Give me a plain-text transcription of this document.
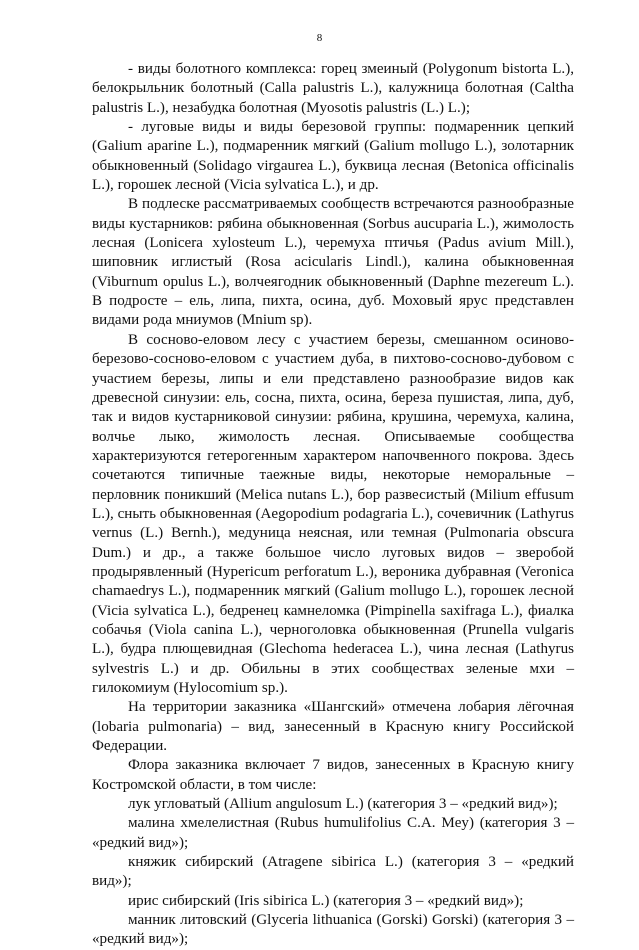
8

- виды болотного комплекса: горец змеиный (Polygonum bistorta L.), белокрыльник болотный (Calla palustris L.), калужница болотная (Caltha palustris L.), незабудка болотная (Myosotis palustris (L.) L.);

- луговые виды и виды березовой группы: подмаренник цепкий (Galium aparine L.), подмаренник мягкий (Galium mollugo L.), золотарник обыкновенный (Solidago virgaurea L.), буквица лесная (Betonica officinalis L.), горошек лесной (Vicia sylvatica L.), и др.

В подлеске рассматриваемых сообществ встречаются разнообразные виды кустарников: рябина обыкновенная (Sorbus aucuparia L.), жимолость лесная (Lonicera xylosteum L.), черемуха птичья (Padus avium Mill.), шиповник иглистый (Rosa acicularis Lindl.), калина обыкновенная (Viburnum opulus L.), волчеягодник обыкновенный (Daphne mezereum L.). В подросте – ель, липа, пихта, осина, дуб. Моховый ярус представлен видами рода мниумов (Mnium sp).

В сосново-еловом лесу с участием березы, смешанном осиново-березово-сосново-еловом с участием дуба, в пихтово-сосново-дубовом с участием березы, липы и ели представлено разнообразие видов как древесной синузии: ель, сосна, пихта, осина, береза пушистая, липа, дуб, так и видов кустарниковой синузии: рябина, крушина, черемуха, калина, волчье лыко, жимолость лесная. Описываемые сообщества характеризуются гетерогенным характером напочвенного покрова. Здесь сочетаются типичные таежные виды, некоторые неморальные – перловник поникший (Melica nutans L.), бор развесистый (Milium effusum L.), сныть обыкновенная (Aegopodium podagraria L.), сочевичник (Lathyrus vernus (L.) Bernh.), медуница неясная, или темная (Pulmonaria obscura Dum.) и др., а также большое число луговых видов – зверобой продырявленный (Hypericum perforatum L.), вероника дубравная (Veronica chamaedrys L.), подмаренник мягкий (Galium mollugo L.), горошек лесной (Vicia sylvatica L.), бедренец камнеломка (Pimpinella saxifraga L.), фиалка собачья (Viola canina L.), черноголовка обыкновенная (Prunella vulgaris L.), будра плющевидная (Glechoma hederacea L.), чина лесная (Lathyrus sylvestris L.) и др. Обильны в этих сообществах зеленые мхи – гилокомиум (Hylocomium sp.).

На территории заказника «Шангский» отмечена лобария лёгочная (lobaria pulmonaria) – вид, занесенный в Красную книгу Российской Федерации.

Флора заказника включает 7 видов, занесенных в Красную книгу Костромской области, в том числе:

лук угловатый (Allium angulosum L.) (категория 3 – «редкий вид»);

малина хмелелистная (Rubus humulifolius C.A. Mey) (категория 3 – «редкий вид»);

княжик сибирский (Atragene sibirica L.) (категория 3 – «редкий вид»);

ирис сибирский (Iris sibirica L.) (категория 3 – «редкий вид»);

манник литовский (Glyceria lithuanica (Gorski) Gorski) (категория 3 – «редкий вид»);
